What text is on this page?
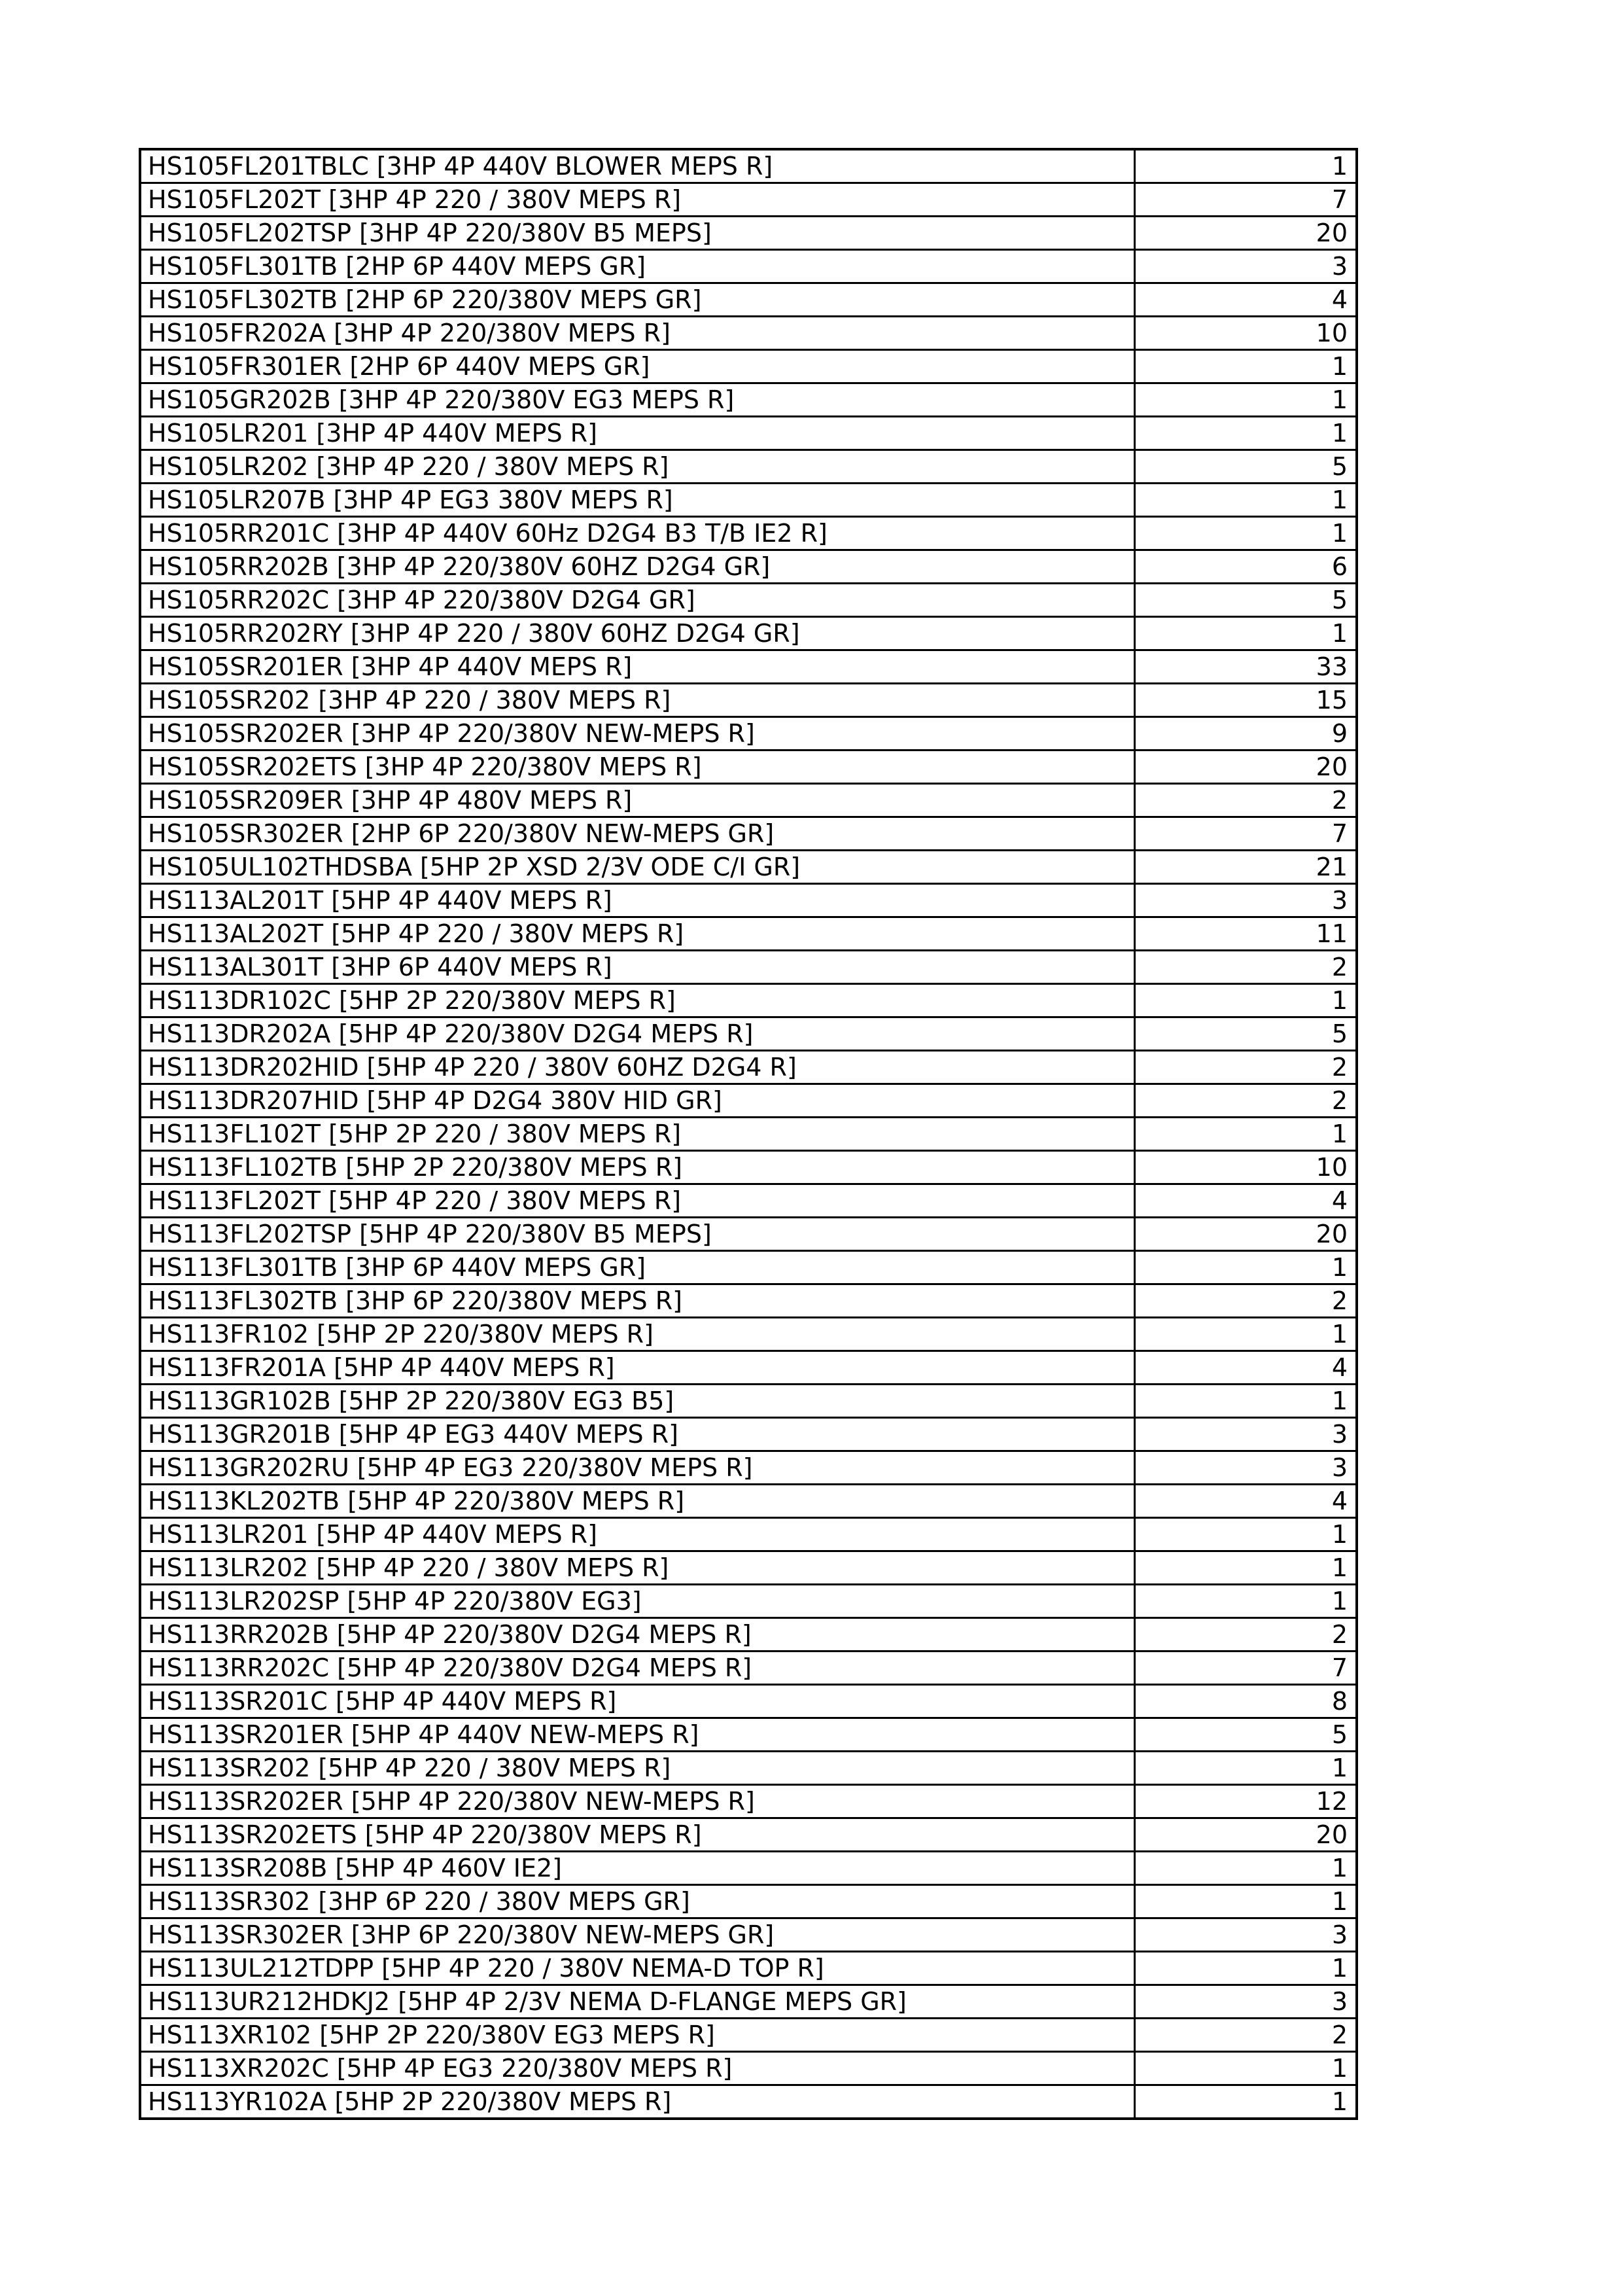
HS105FL201TBLC [3HP 4P 440V BLOWER MEPS R]	1
HS105FL202T [3HP 4P 220 / 380V MEPS R]	7
HS105FL202TSP [3HP 4P 220/380V B5 MEPS]	20
HS105FL301TB [2HP 6P 440V MEPS GR]	3
HS105FL302TB [2HP 6P 220/380V MEPS GR]	4
HS105FR202A [3HP 4P 220/380V MEPS R]	10
HS105FR301ER [2HP 6P 440V MEPS GR]	1
HS105GR202B [3HP 4P 220/380V EG3 MEPS R]	1
HS105LR201 [3HP 4P 440V MEPS R]	1
HS105LR202 [3HP 4P 220 / 380V MEPS R]	5
HS105LR207B [3HP 4P EG3 380V MEPS R]	1
HS105RR201C [3HP 4P 440V 60Hz D2G4 B3 T/B IE2 R]	1
HS105RR202B [3HP 4P 220/380V 60HZ D2G4 GR]	6
HS105RR202C [3HP 4P 220/380V D2G4 GR]	5
HS105RR202RY [3HP 4P 220 / 380V 60HZ D2G4 GR]	1
HS105SR201ER [3HP 4P 440V MEPS R]	33
HS105SR202 [3HP 4P 220 / 380V MEPS R]	15
HS105SR202ER [3HP 4P 220/380V NEW-MEPS R]	9
HS105SR202ETS [3HP 4P 220/380V MEPS R]	20
HS105SR209ER [3HP 4P 480V MEPS R]	2
HS105SR302ER [2HP 6P 220/380V NEW-MEPS GR]	7
HS105UL102THDSBA [5HP 2P XSD 2/3V ODE C/I GR]	21
HS113AL201T [5HP 4P 440V MEPS R]	3
HS113AL202T [5HP 4P 220 / 380V MEPS R]	11
HS113AL301T [3HP 6P 440V MEPS R]	2
HS113DR102C [5HP 2P 220/380V MEPS R]	1
HS113DR202A [5HP 4P 220/380V D2G4 MEPS R]	5
HS113DR202HID [5HP 4P 220 / 380V 60HZ D2G4 R]	2
HS113DR207HID [5HP 4P D2G4 380V HID GR]	2
HS113FL102T [5HP 2P 220 / 380V MEPS R]	1
HS113FL102TB [5HP 2P 220/380V MEPS R]	10
HS113FL202T [5HP 4P 220 / 380V MEPS R]	4
HS113FL202TSP [5HP 4P 220/380V B5 MEPS]	20
HS113FL301TB [3HP 6P 440V MEPS GR]	1
HS113FL302TB [3HP 6P 220/380V MEPS R]	2
HS113FR102 [5HP 2P 220/380V MEPS R]	1
HS113FR201A [5HP 4P 440V MEPS R]	4
HS113GR102B [5HP 2P 220/380V EG3 B5]	1
HS113GR201B [5HP 4P EG3 440V MEPS R]	3
HS113GR202RU [5HP 4P EG3 220/380V MEPS R]	3
HS113KL202TB [5HP 4P 220/380V MEPS R]	4
HS113LR201 [5HP 4P 440V MEPS R]	1
HS113LR202 [5HP 4P 220 / 380V MEPS R]	1
HS113LR202SP [5HP 4P 220/380V EG3]	1
HS113RR202B [5HP 4P 220/380V D2G4 MEPS R]	2
HS113RR202C [5HP 4P 220/380V D2G4 MEPS R]	7
HS113SR201C [5HP 4P 440V MEPS R]	8
HS113SR201ER [5HP 4P 440V NEW-MEPS R]	5
HS113SR202 [5HP 4P 220 / 380V MEPS R]	1
HS113SR202ER [5HP 4P 220/380V NEW-MEPS R]	12
HS113SR202ETS [5HP 4P 220/380V MEPS R]	20
HS113SR208B [5HP 4P 460V IE2]	1
HS113SR302 [3HP 6P 220 / 380V MEPS GR]	1
HS113SR302ER [3HP 6P 220/380V NEW-MEPS GR]	3
HS113UL212TDPP [5HP 4P 220 / 380V NEMA-D TOP R]	1
HS113UR212HDKJ2 [5HP 4P 2/3V NEMA D-FLANGE MEPS GR]	3
HS113XR102 [5HP 2P 220/380V EG3 MEPS R]	2
HS113XR202C [5HP 4P EG3 220/380V MEPS R]	1
HS113YR102A [5HP 2P 220/380V MEPS R]	1
